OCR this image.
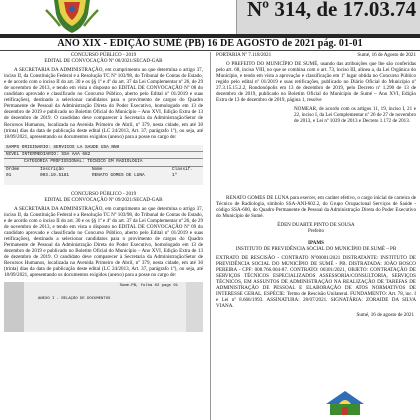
Nº 314, de 17.03.74
ANO XIX - EDIÇÃO SUMÉ (PB) 16 DE AGOSTO de 2021 pág. 01-01

CONCURSO PÚBLICO - 2019

EDITAL DE CONVOCAÇÃO Nº 08/2021/SECAD-GAB

A SECRETARIA DA ADMINISTRAÇÃO, em cumprimento ao que determina o artigo 37, inciso II, da Constituição Federal e a Resolução TC Nº 103/98, do Tribunal de Contas do Estado, e de acordo com o inciso II do art. 30 e os §§ 1º e 4º do art. 37 da Lei Complementar nº 26, de 29 de novembro de 2013, e tendo em vista o disposto no EDITAL DE CONVOCAÇÃO Nº 08 do candidato aprovado e classificado no Concurso Público, aberto pelo Edital nº 01/2019 e suas retificações), destinado a selecionar candidatos para o provimento de cargos do Quadro Permanente de Pessoal da Administração Direta do Poder Executivo, homologado em 13 de dezembro de 2019 e publicado no Boletim Oficial do Município – Ano XVI, Edição Extra de 13 de dezembro de 2019. O candidato deve comparecer à Secretaria da Administração/Setor de Recursos Humanos, localizada na Avenida Primeiro de Abril, nº 379, nesta cidade, em até 30 (trinta) dias da data de publicação deste edital (LC 24/2013, Art. 37, parágrafo 1º), ou seja, até 18/09/2021, apresentando os documentos exigidos (anexo) para a posse no cargo de:

SAMPS ORIGINARIO: SERVICOS LA SAUDE USA NNH
NIVEL INTERMEDIARIO: SSA AAA 682
CATEGORIA PROFISSIONAL: TÉCNICO EM RADIOLOGIA
Ordem	Inscrição	Nome	Classif.
01	003.19.5181	RENATO GOMES DE LUNA	1º

CONCURSO PÚBLICO - 2019

EDITAL DE CONVOCAÇÃO Nº 09/2021/SECAD-GAB

A SECRETARIA DA ADMINISTRAÇÃO, em cumprimento ao que determina o artigo 37, inciso II, da Constituição Federal e a Resolução TC Nº 103/98, do Tribunal de Contas do Estado, e de acordo com o inciso II do art. 30 e os §§ 1º e 4º do art. 37 da Lei Complementar nº 26, de 29 de novembro de 2013, e tendo em vista o disposto no EDITAL DE CONVOCAÇÃO Nº 09 do candidato aprovado e classificado no Concurso Público, aberto pelo Edital nº 01/2019 e suas retificações), destinado a selecionar candidatos para o provimento de cargos do Quadro Permanente de Pessoal da Administração Direta do Poder Executivo, homologado em 13 de dezembro de 2019 e publicado no Boletim Oficial do Município – Ano XVI, Edição Extra de 13 de dezembro de 2019. O candidato deve comparecer à Secretaria da Administração/Setor de Recursos Humanos, localizada na Avenida Primeiro de Abril, nº 379, nesta cidade, em até 30 (trinta) dias da data de publicação deste edital (LC 24/2013, Art. 37, parágrafo 1º), ou seja, até 18/09/2021, apresentando os documentos exigidos (anexo) para a posse no cargo de:

Sumé-PB, folha 02 pags 01
ANEXO I - RELAÇÃO DE DOCUMENTOS
PORTARIA Nº 7.118/2021	Sumé, 16 de Agosto de 2021

O PREFEITO DO MUNICÍPIO DE SUMÉ, usando das atribuições que lhe são conferidas pelo art. 68, inciso VIII, no que se combina com o art. 73, inciso III, alínea a, da Lei Orgânica do Município, e tendo em vista a aprovação e classificação em 1º lugar obtida no Concurso Público regido pelo edital nº 01/2019 e suas retificações, publicado no Diário Oficial do Município nº 27.3.15.15.2.2, Rondonópolis em 13 de dezembro de 2019, pelo Decreto nº 1.290 de 13 de dezembro de 2019, publicado no Boletim Oficial do Município de Sumé – Ano XVI, Edição Extra de 13 de dezembro de 2019, página 1, resolve

NOMEAR, de acordo com os artigos 11, 19, inciso I, 21 e 22, inciso I, da Lei Complementar nº 26 de 27 de novembro de 2013, e Lei nº 1039 de 2013 e Decreto 1.172 de 2013.

RENATO GOMES DE LUNA para exercer, em caráter efetivo, o cargo inicial de carreira de Técnico de Radiologia, símbolo SSA-ANI-602.2, do Grupo Ocupacional Serviços de Saúde - código SSA-600, do Quadro Permanente de Pessoal da Administração Direta do Poder Executivo do Município de Sumé.

ÉDEN DUARTE PINTO DE SOUSA
Prefeito

IPAMS

INSTITUTO DE PREVIDÊNCIA SOCIAL DO MUNICÍPIO DE SUMÉ – PB

EXTRATO DE RESCISÃO - CONTRATO Nº00001/2021 DISTRATANTE: INSTITUTO DE PREVIDÊNCIA SOCIAL DO MUNICÍPIO DE SUMÉ - PB. DISTRATADA: JOÃO BOSCO PEREIRA - CPF: 008.766.004-87. CONTRATO: 00301/2021, OBJETO: CONTRATAÇÃO DE SERVIÇOS TÉCNICOS ESPECIALIZADOS ASSESSORIA/CONSULTORIA, SERVIÇOS TÉCNICOS, EM ASSUNTOS DE ADMINISTRAÇÃO NA REALIZAÇÃO DE TAREFAS DE ADMINISTRAÇÃO DE PESSOAL E ELABORAÇÃO DE ATOS NORMATIVOS DE INTERESSE GERAL. ESPÉCIE: Termo de Rescisão Unilateral. FUNDAMENTO: Art. 78, inc. I e Lei nº 8.666/1993. ASSINATURA: 28/07/2021. SIGNATÁRIA: ZORAIDE DA SILVA VIANA.

Sumé, 16 de agosto de 2021
